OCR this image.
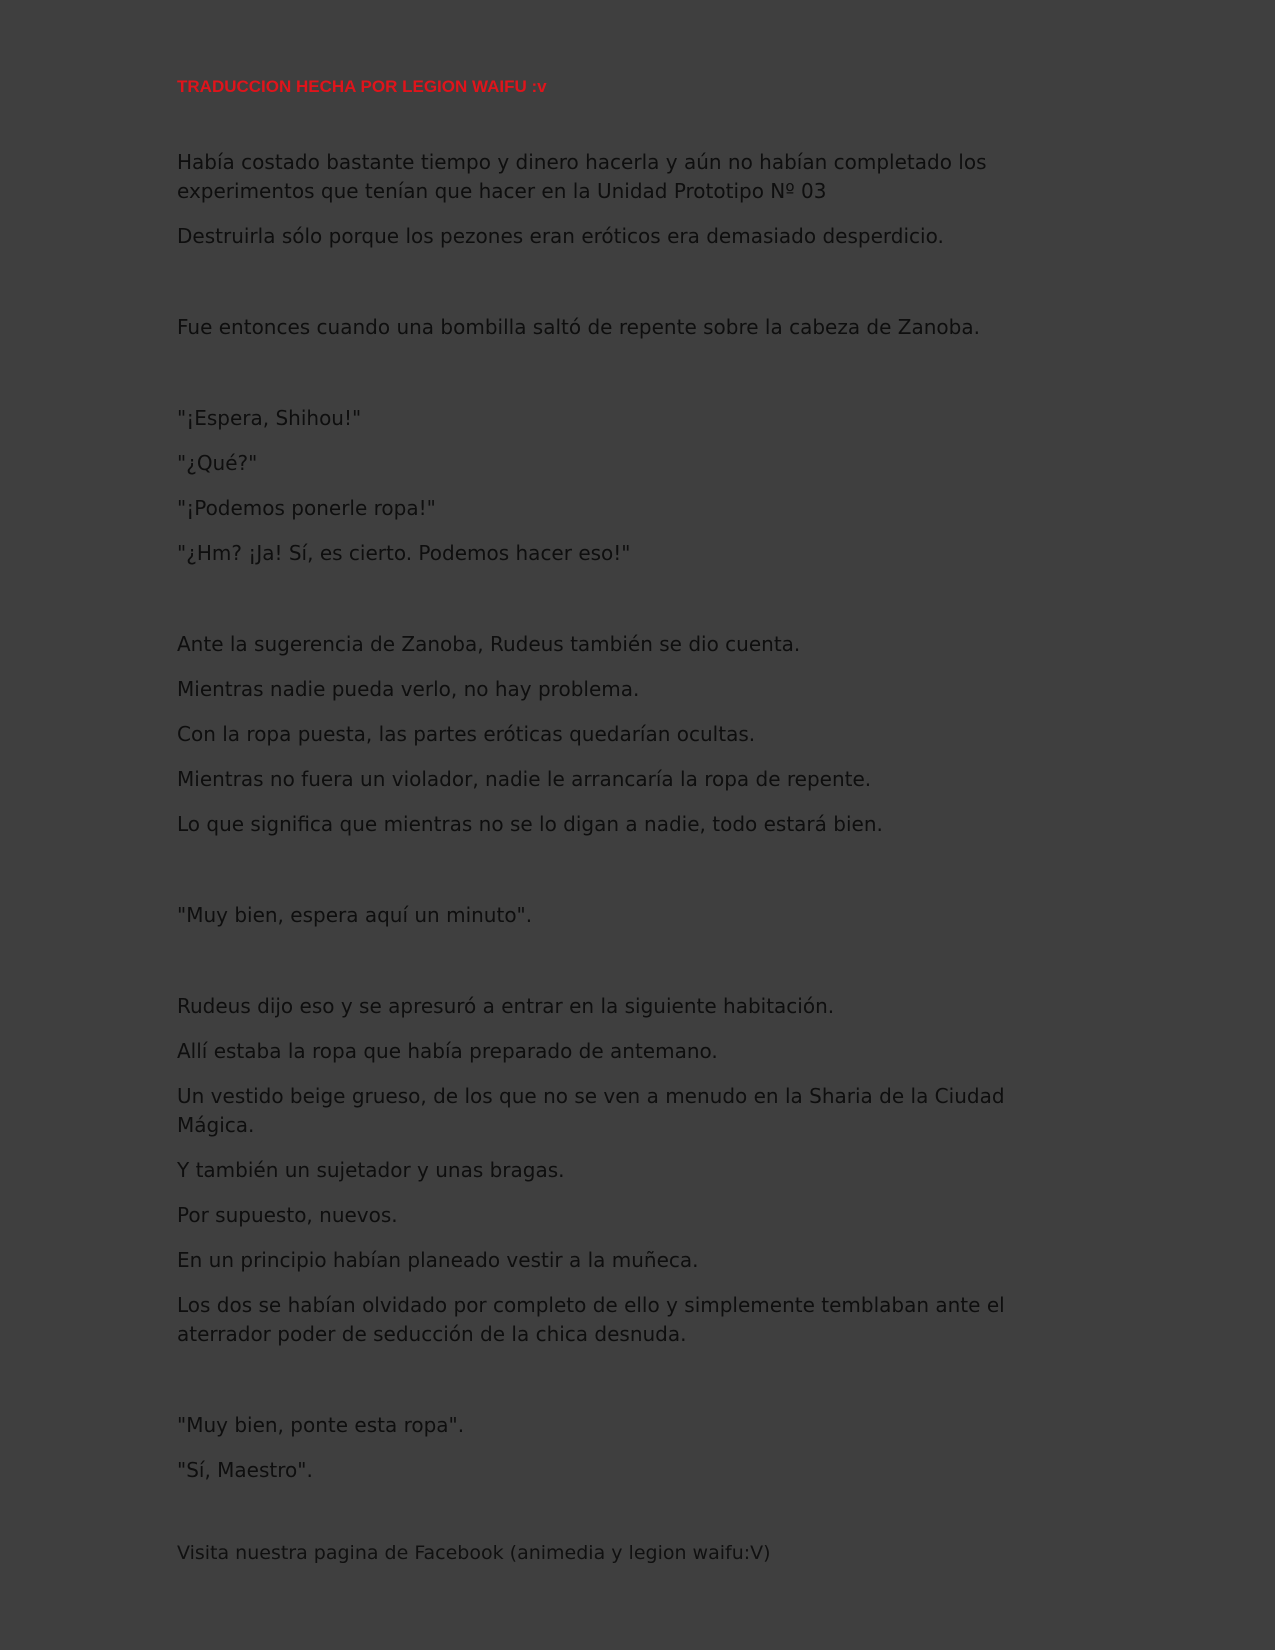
TRADUCCION HECHA POR LEGION WAIFU :v
Había costado bastante tiempo y dinero hacerla y aún no habían completado los experimentos que tenían que hacer en la Unidad Prototipo Nº 03
Destruirla sólo porque los pezones eran eróticos era demasiado desperdicio.
Fue entonces cuando una bombilla saltó de repente sobre la cabeza de Zanoba.
"¡Espera, Shihou!"
"¿Qué?"
"¡Podemos ponerle ropa!"
"¿Hm? ¡Ja! Sí, es cierto. Podemos hacer eso!"
Ante la sugerencia de Zanoba, Rudeus también se dio cuenta.
Mientras nadie pueda verlo, no hay problema.
Con la ropa puesta, las partes eróticas quedarían ocultas.
Mientras no fuera un violador, nadie le arrancaría la ropa de repente.
Lo que significa que mientras no se lo digan a nadie, todo estará bien.
"Muy bien, espera aquí un minuto".
Rudeus dijo eso y se apresuró a entrar en la siguiente habitación.
Allí estaba la ropa que había preparado de antemano.
Un vestido beige grueso, de los que no se ven a menudo en la Sharia de la Ciudad Mágica.
Y también un sujetador y unas bragas.
Por supuesto, nuevos.
En un principio habían planeado vestir a la muñeca.
Los dos se habían olvidado por completo de ello y simplemente temblaban ante el aterrador poder de seducción de la chica desnuda.
"Muy bien, ponte esta ropa".
"Sí, Maestro".
Visita nuestra pagina de Facebook (animedia y legion waifu:V)
